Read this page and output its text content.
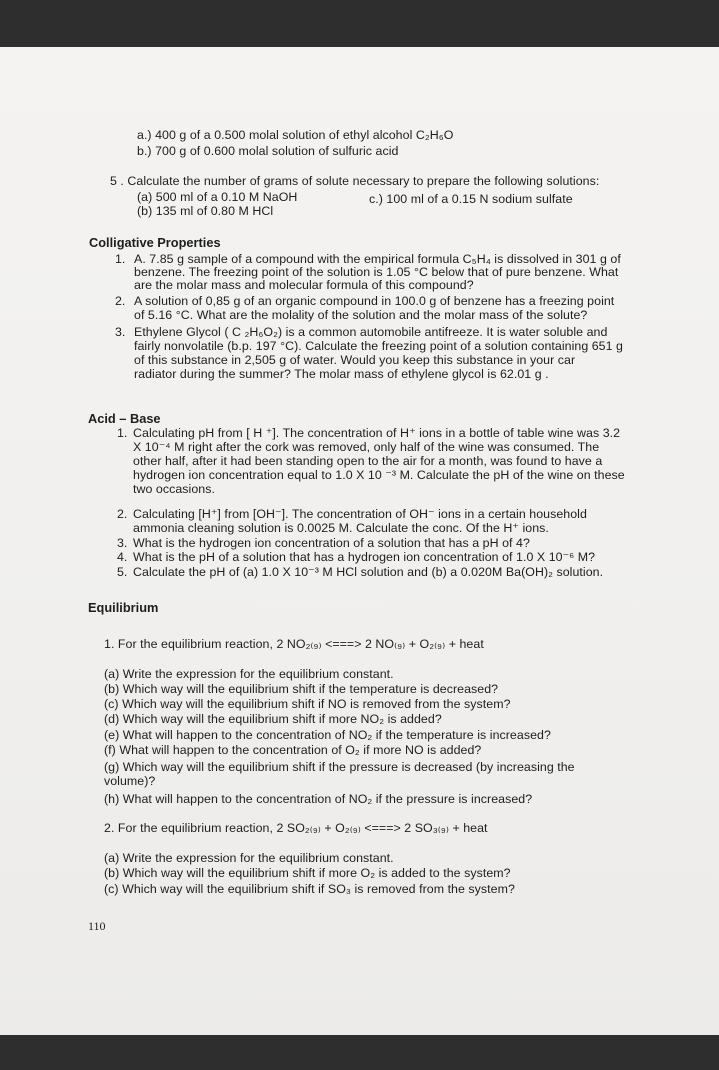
a.) 400 g of a 0.500 molal solution of ethyl alcohol C₂H₆O
b.) 700 g of 0.600 molal solution of sulfuric acid
5 . Calculate the number of grams of solute necessary to prepare the following solutions:
(a) 500 ml of a 0.10 M NaOH	c.) 100 ml of a 0.15 N sodium sulfate
(b) 135 ml of 0.80 M HCl
Colligative Properties
1. A. 7.85 g sample of a compound with the empirical formula C₅H₄ is dissolved in 301 g of
benzene. The freezing point of the solution is 1.05 °C below that of pure benzene. What
are the molar mass and molecular formula of this compound?
2. A solution of 0,85 g of an organic compound in 100.0 g of benzene has a freezing point
of 5.16 °C. What are the molality of the solution and the molar mass of the solute?
3. Ethylene Glycol ( C ₂H₆O₂) is a common automobile antifreeze. It is water soluble and
fairly nonvolatile (b.p. 197 °C). Calculate the freezing point of a solution containing 651 g
of this substance in 2,505 g of water. Would you keep this substance in your car
radiator during the summer? The molar mass of ethylene glycol is 62.01 g .
Acid – Base
1. Calculating pH from [ H ⁺]. The concentration of H⁺ ions in a bottle of table wine was 3.2
X 10⁻⁴ M right after the cork was removed, only half of the wine was consumed. The
other half, after it had been standing open to the air for a month, was found to have a
hydrogen ion concentration equal to 1.0 X 10 ⁻³ M. Calculate the pH of the wine on these
two occasions.
2. Calculating [H⁺] from [OH⁻]. The concentration of OH⁻ ions in a certain household
ammonia cleaning solution is 0.0025 M. Calculate the conc. Of the H⁺ ions.
3. What is the hydrogen ion concentration of a solution that has a pH of 4?
4. What is the pH of a solution that has a hydrogen ion concentration of 1.0 X 10⁻⁶ M?
5. Calculate the pH of (a) 1.0 X 10⁻³ M HCl solution and (b) a 0.020M Ba(OH)₂ solution.
Equilibrium
1. For the equilibrium reaction, 2 NO₂₍₉₎ <===> 2 NO₍₉₎ + O₂₍₉₎ + heat
(a) Write the expression for the equilibrium constant.
(b) Which way will the equilibrium shift if the temperature is decreased?
(c) Which way will the equilibrium shift if NO is removed from the system?
(d) Which way will the equilibrium shift if more NO₂ is added?
(e) What will happen to the concentration of NO₂ if the temperature is increased?
(f) What will happen to the concentration of O₂ if more NO is added?
(g) Which way will the equilibrium shift if the pressure is decreased (by increasing the
volume)?
(h) What will happen to the concentration of NO₂ if the pressure is increased?
2. For the equilibrium reaction, 2 SO₂₍₉₎ + O₂₍₉₎ <===> 2 SO₃₍₉₎ + heat
(a) Write the expression for the equilibrium constant.
(b) Which way will the equilibrium shift if more O₂ is added to the system?
(c) Which way will the equilibrium shift if SO₃ is removed from the system?
110
